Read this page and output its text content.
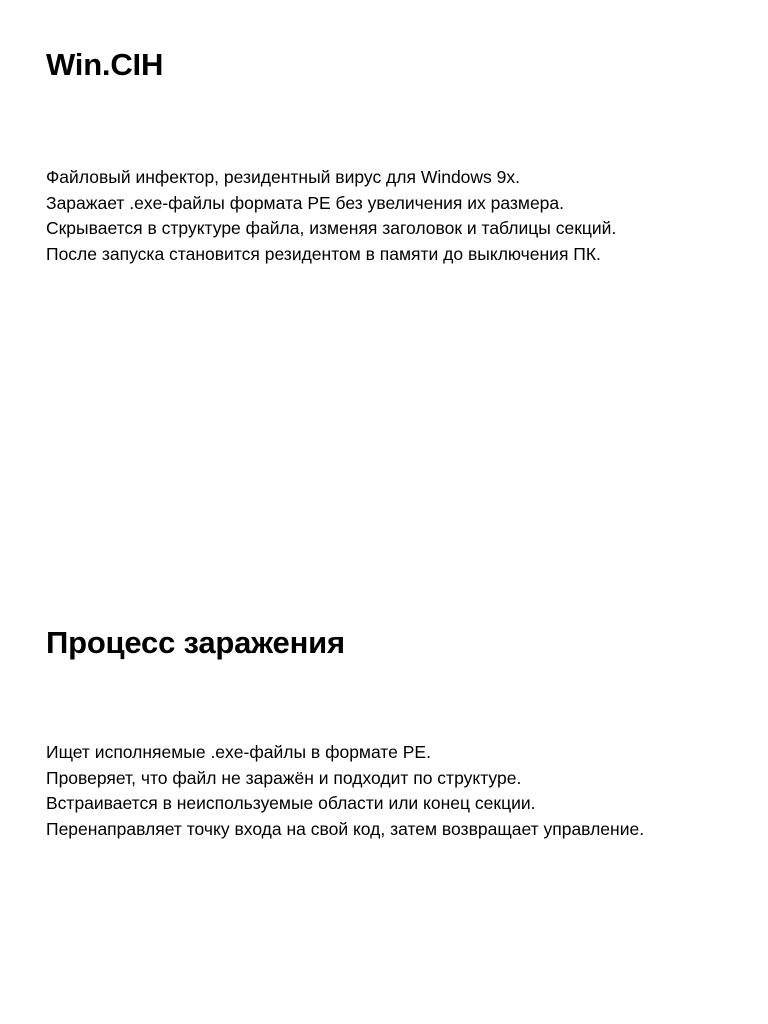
Win.CIH
Файловый инфектор, резидентный вирус для Windows 9x.
Заражает .exe-файлы формата PE без увеличения их размера.
Скрывается в структуре файла, изменяя заголовок и таблицы секций.
После запуска становится резидентом в памяти до выключения ПК.
Процесс заражения
Ищет исполняемые .exe-файлы в формате PE.
Проверяет, что файл не заражён и подходит по структуре.
Встраивается в неиспользуемые области или конец секции.
Перенаправляет точку входа на свой код, затем возвращает управление.
